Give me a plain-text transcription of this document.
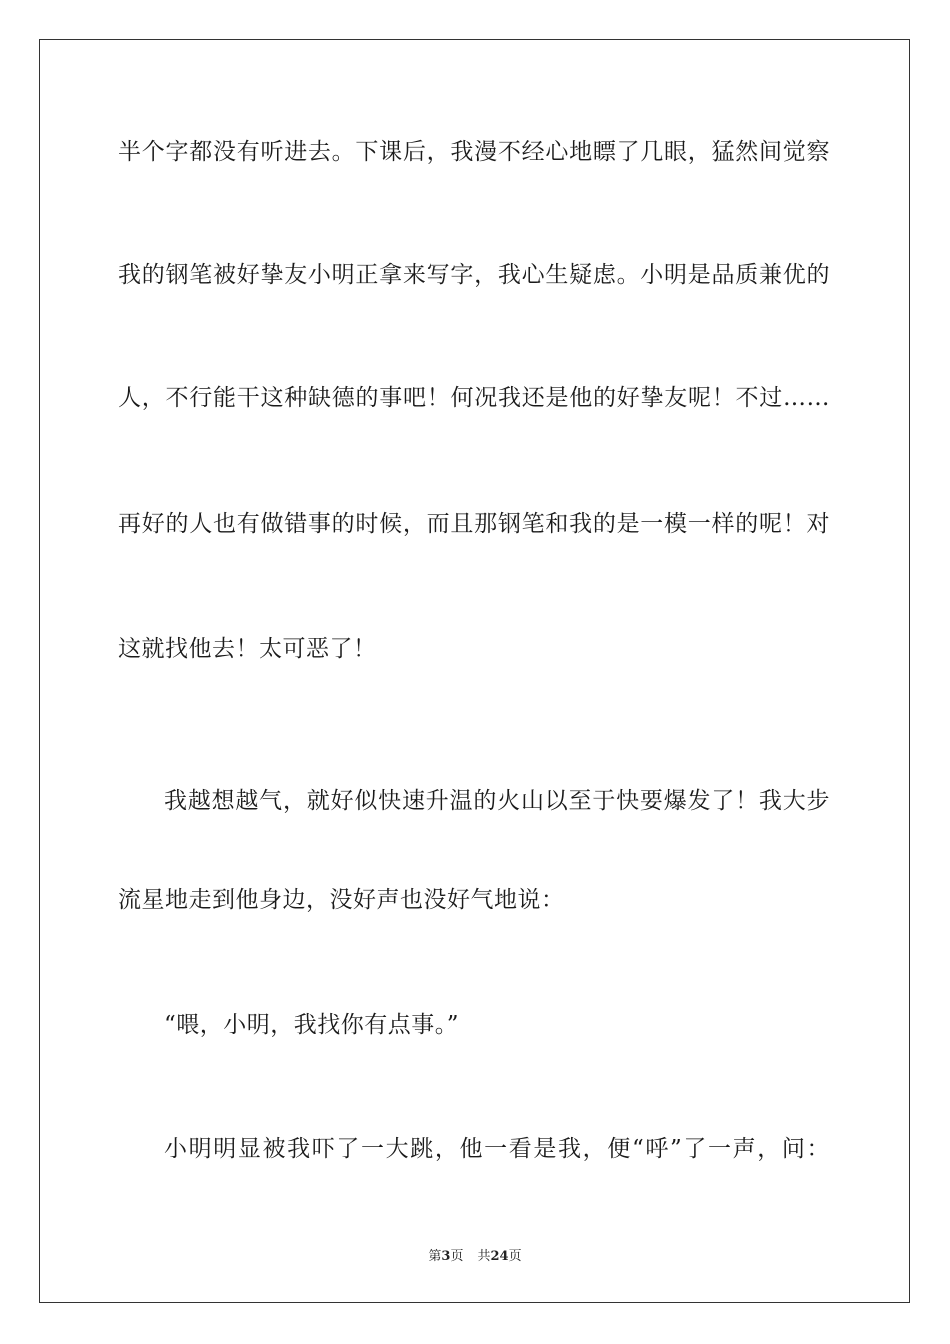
半个字都没有听进去。下课后，我漫不经心地瞟了几眼，猛然间觉察
我的钢笔被好挚友小明正拿来写字，我心生疑虑。小明是品质兼优的
人，不行能干这种缺德的事吧！何况我还是他的好挚友呢！不过……
再好的人也有做错事的时候，而且那钢笔和我的是一模一样的呢！对
这就找他去！太可恶了！
我越想越气，就好似快速升温的火山以至于快要爆发了！我大步
流星地走到他身边，没好声也没好气地说：
“喂，小明，我找你有点事。”
小明明显被我吓了一大跳，他一看是我，便“呼”了一声，问：
第3页 共24页
